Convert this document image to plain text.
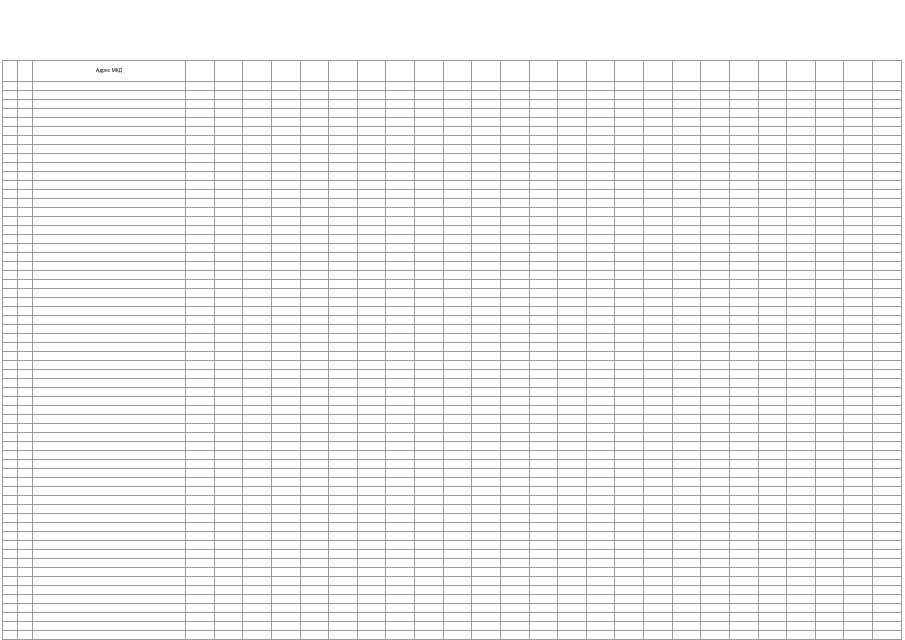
		Адрес МКД																									
